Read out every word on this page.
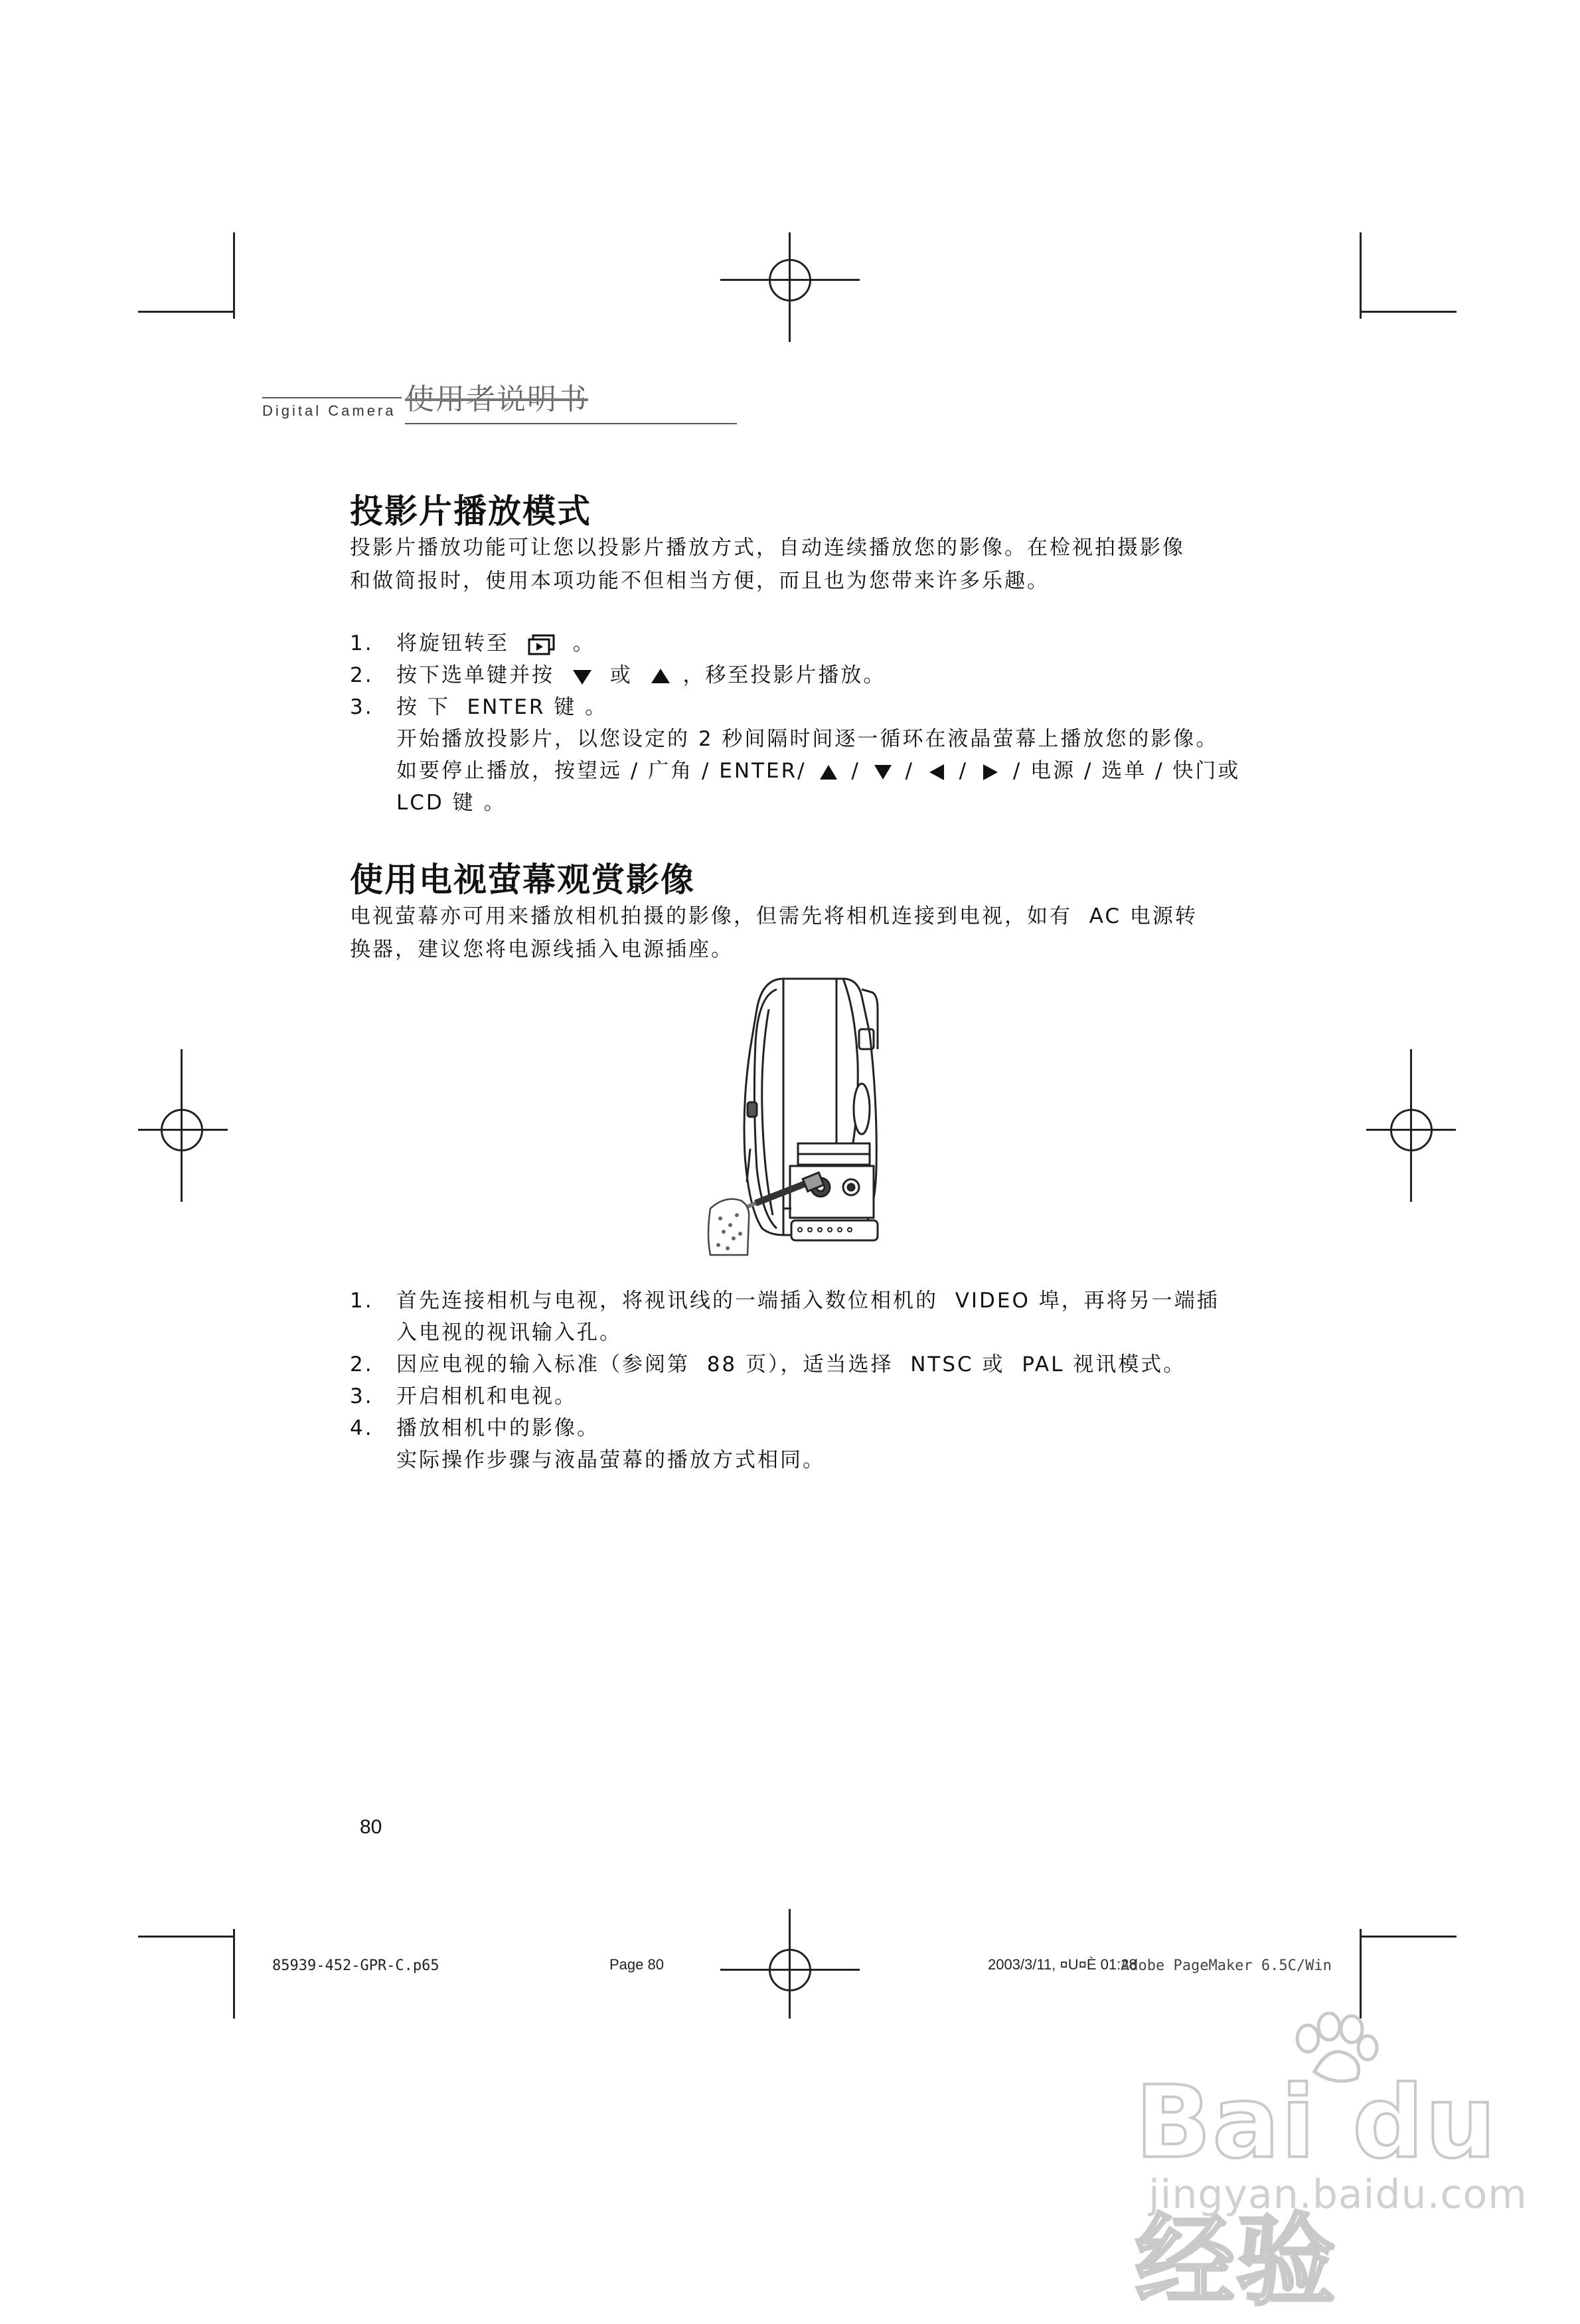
Digital Camera 使用者说明书
投影片播放模式
投影片播放功能可让您以投影片播放方式，自动连续播放您的影像。在检视拍摄影像
和做简报时，使用本项功能不但相当方便，而且也为您带来许多乐趣。
1. 将旋钮转至	。
2. 按下选单键并按	或 ，移至投影片播放。
3. 按 下  ENTER 键 。
开始播放投影片，以您设定的 2 秒间隔时间逐一循环在液晶萤幕上播放您的影像。
如要停止播放，按望远 / 广角 / ENTER/ / / / / 电源 / 选单 / 快门或
LCD 键 。
使用电视萤幕观赏影像
电视萤幕亦可用来播放相机拍摄的影像，但需先将相机连接到电视，如有  AC 电源转
换器，建议您将电源线插入电源插座。
1. 首先连接相机与电视，将视讯线的一端插入数位相机的  VIDEO 埠，再将另一端插
入电视的视讯输入孔。
2. 因应电视的输入标准（参阅第  88 页），适当选择  NTSC 或  PAL 视讯模式。
3. 开启相机和电视。
4. 播放相机中的影像。
实际操作步骤与液晶萤幕的播放方式相同。
80
85939-452-GPR-C.p65	Page 80	2003/3/11, ¤U¤È 01:28
Adobe PageMaker 6.5C/Win
Bai du 经验
jingyan.baidu.com
